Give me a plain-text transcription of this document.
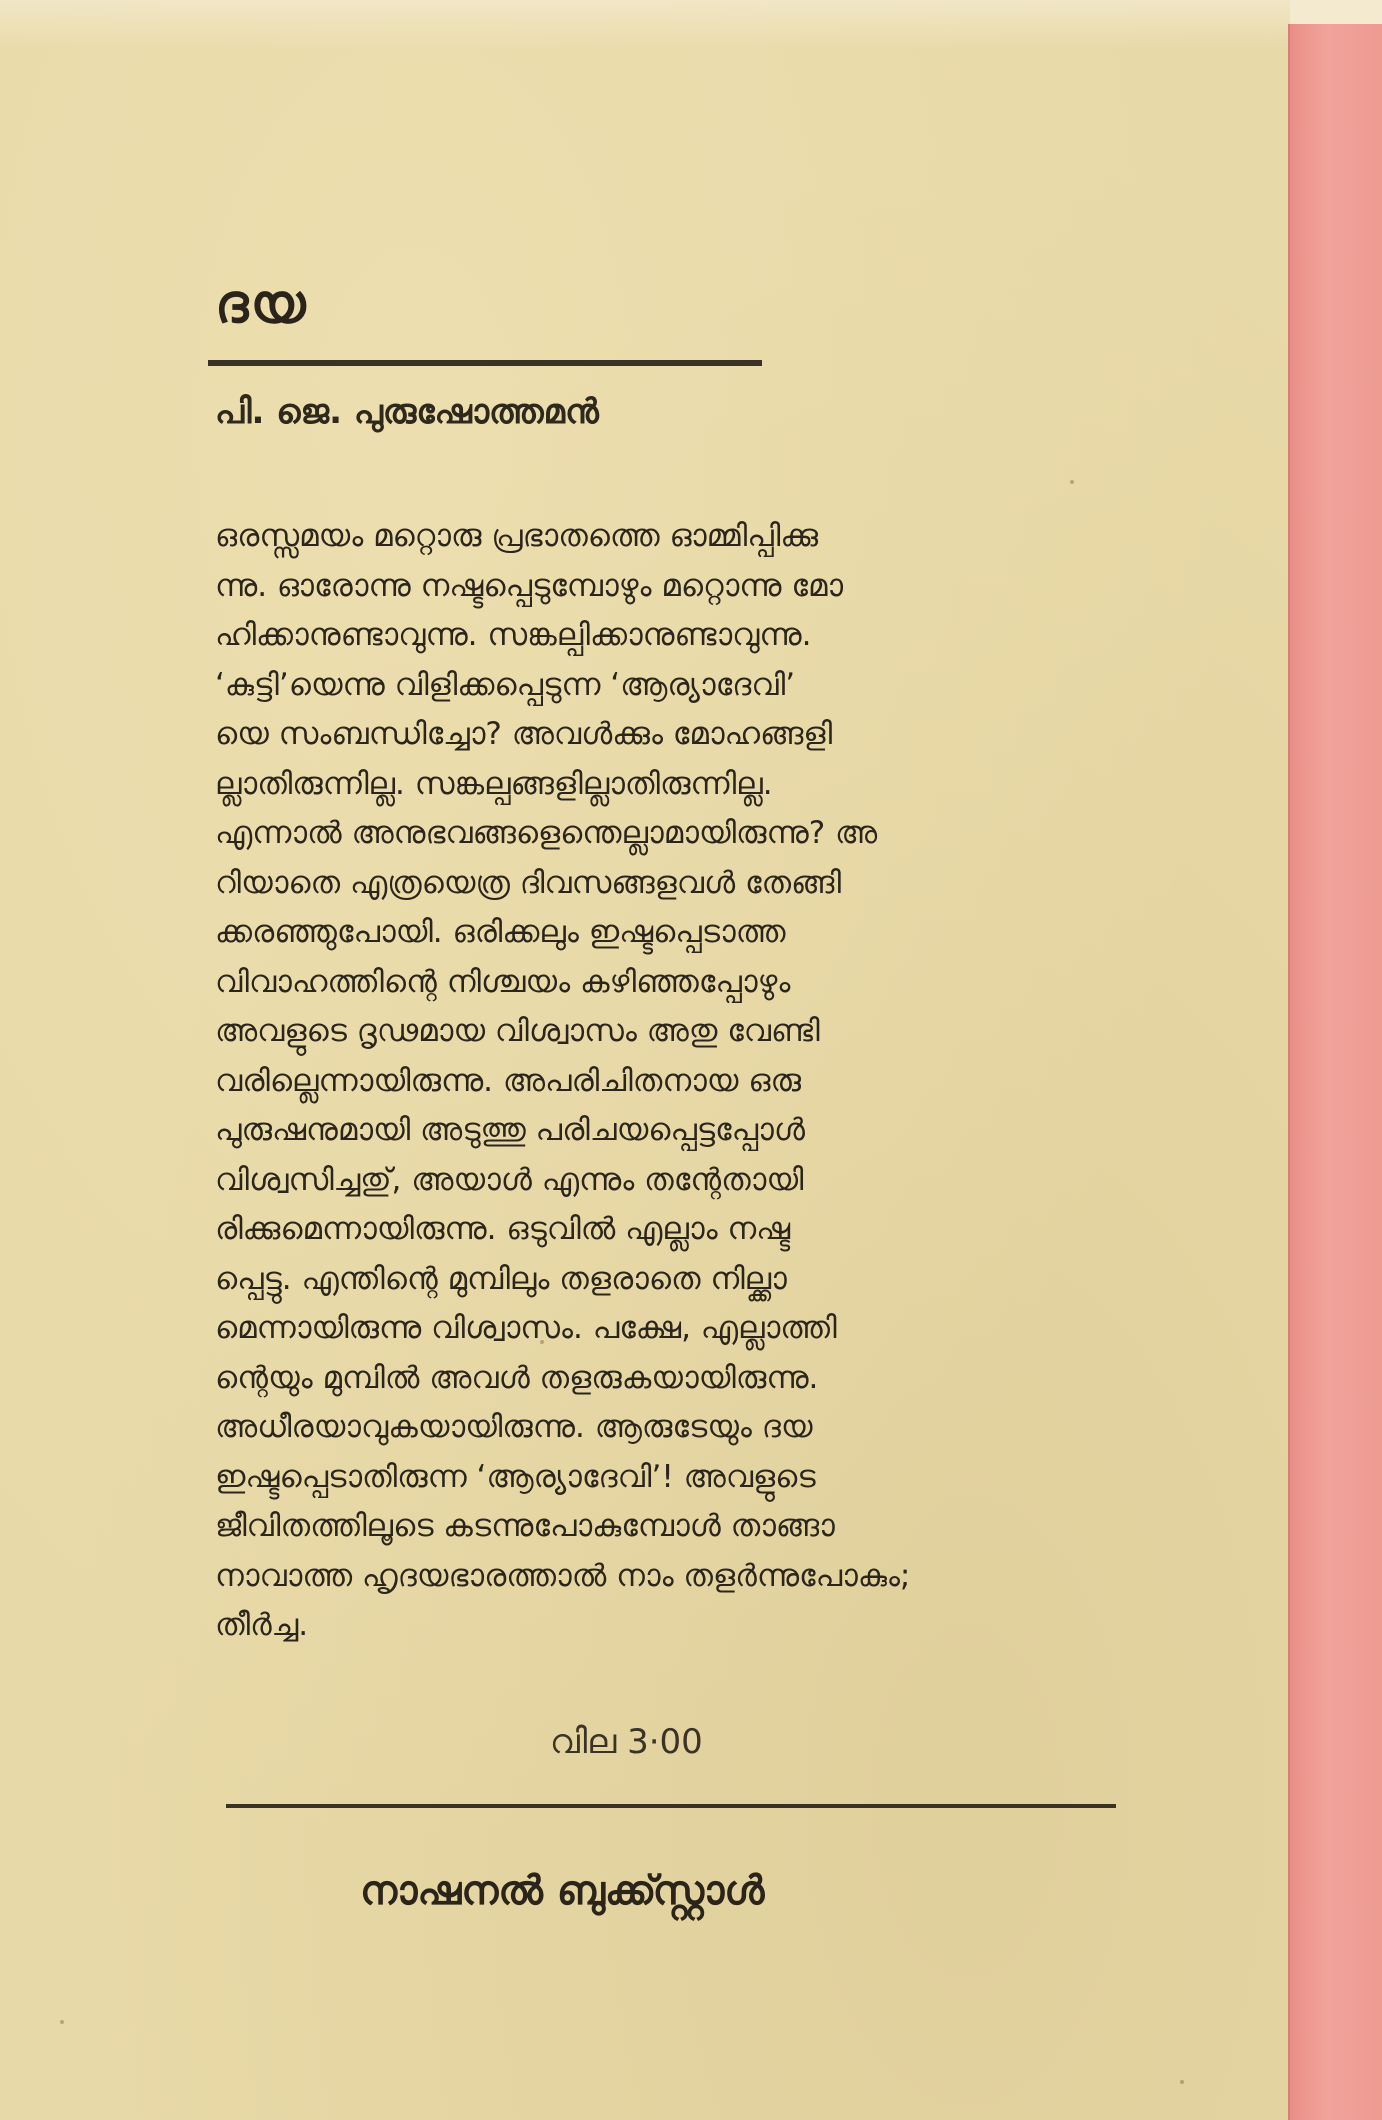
ദയ
പി. ജെ. പുരുഷോത്തമൻ
ഒരസ്സമയം മറ്റൊരു പ്രഭാതത്തെ ഓമ്മിപ്പിക്കു
ന്നു. ഓരോന്നു നഷ്ടപ്പെടുമ്പോഴും മറ്റൊന്നു മോ
ഹിക്കാനുണ്ടാവുന്നു. സങ്കല്പിക്കാനുണ്ടാവുന്നു.
‘കുട്ടി’യെന്നു വിളിക്കപ്പെടുന്ന ‘ആര്യാദേവി’
യെ സംബന്ധിച്ചോ? അവൾക്കും മോഹങ്ങളി
ല്ലാതിരുന്നില്ല. സങ്കല്പങ്ങളില്ലാതിരുന്നില്ല.
എന്നാൽ അനുഭവങ്ങളെന്തെല്ലാമായിരുന്നു? അ
റിയാതെ എത്രയെത്ര ദിവസങ്ങളവൾ തേങ്ങി
ക്കരഞ്ഞുപോയി. ഒരിക്കലും ഇഷ്ടപ്പെടാത്ത
വിവാഹത്തിന്റെ നിശ്ചയം കഴിഞ്ഞപ്പോഴും
അവളുടെ ദൃഢമായ വിശ്വാസം അതു വേണ്ടി
വരില്ലെന്നായിരുന്നു. അപരിചിതനായ ഒരു
പുരുഷനുമായി അടുത്തു പരിചയപ്പെട്ടപ്പോൾ
വിശ്വസിച്ചതു്, അയാൾ എന്നും തന്റേതായി
രിക്കുമെന്നായിരുന്നു. ഒടുവിൽ എല്ലാം നഷ്ട
പ്പെട്ടു. എന്തിന്റെ മുമ്പിലും തളരാതെ നില്ക്കാ
മെന്നായിരുന്നു വിശ്വാസം. പക്ഷേ, എല്ലാത്തി
ന്റെയും മുമ്പിൽ അവൾ തളരുകയായിരുന്നു.
അധീരയാവുകയായിരുന്നു. ആരുടേയും ദയ
ഇഷ്ടപ്പെടാതിരുന്ന ‘ആര്യാദേവി’! അവളുടെ
ജീവിതത്തിലൂടെ കടന്നുപോകുമ്പോൾ താങ്ങാ
നാവാത്ത ഹൃദയഭാരത്താൽ നാം തളർന്നുപോകും;
തീർച്ച.
വില 3·00
നാഷനൽ ബുക്ക്സ്റ്റാൾ
